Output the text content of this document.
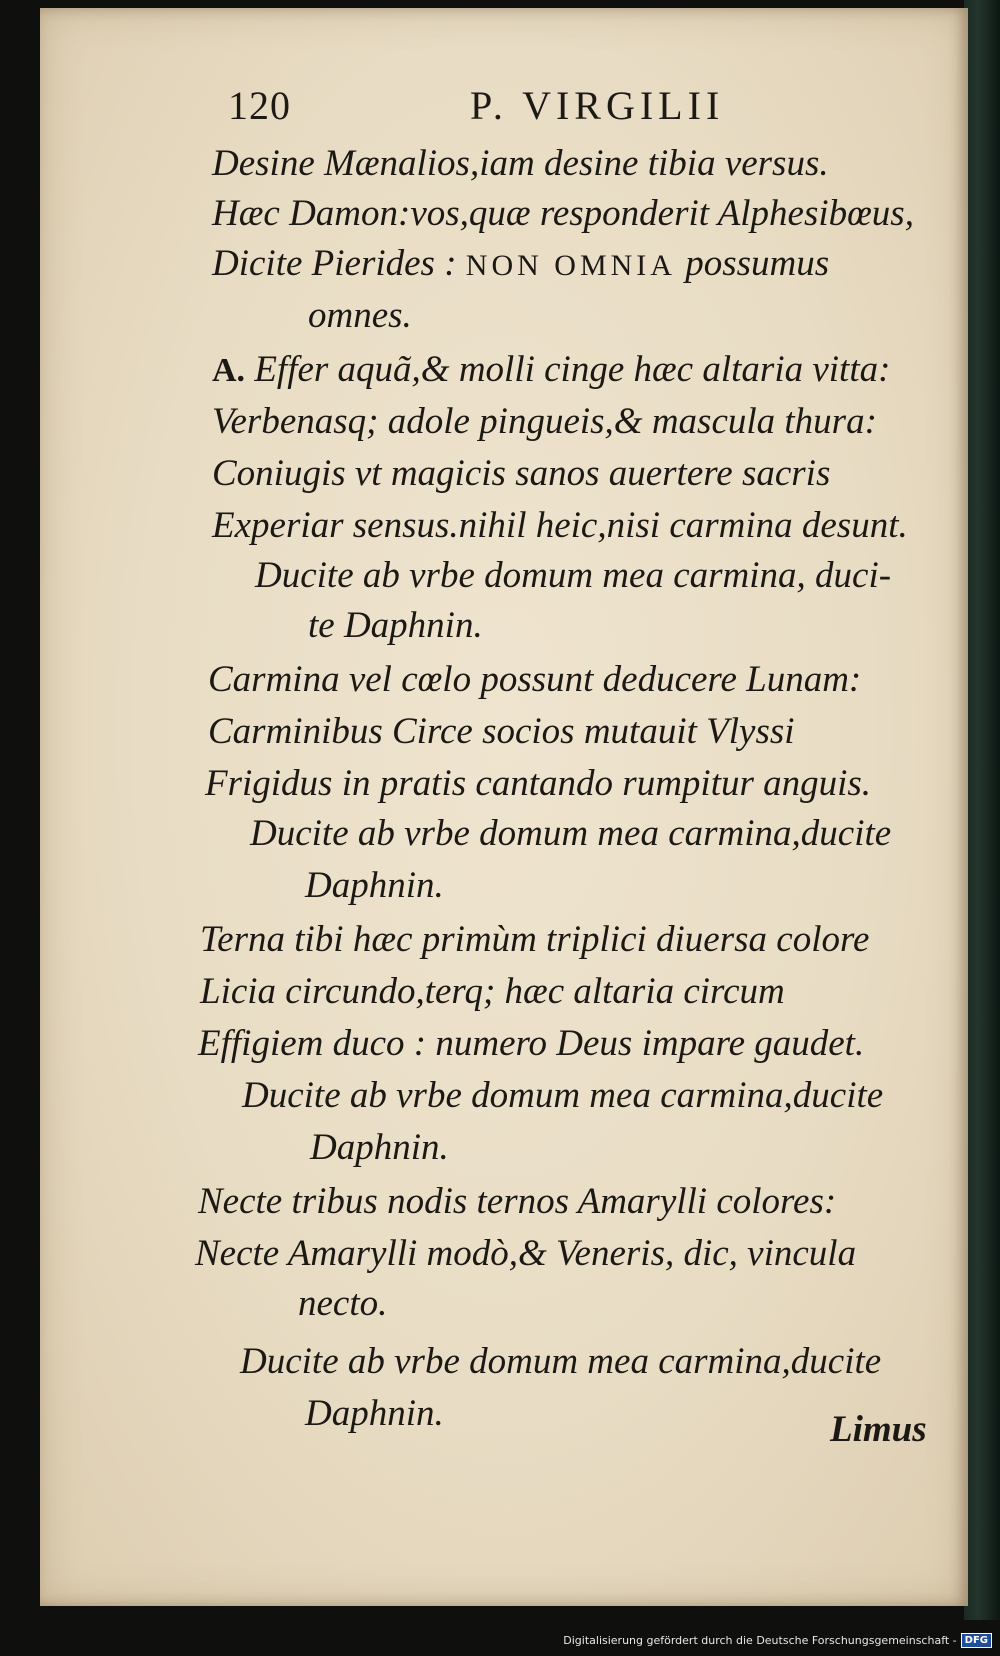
120	P. VIRGILII
Desine Mænalios,iam desine tibia versus.
Hæc Damon:vos,quæ responderit Alphesibœus,
Dicite Pierides : NON OMNIA possumus
omnes.
A. Effer aquã,& molli cinge hæc altaria vitta:
Verbenasq; adole pingueis,& mascula thura:
Coniugis vt magicis sanos auertere sacris
Experiar sensus.nihil heic,nisi carmina desunt.
Ducite ab vrbe domum mea carmina, duci-
te Daphnin.
Carmina vel cœlo possunt deducere Lunam:
Carminibus Circe socios mutauit Vlyssi
Frigidus in pratis cantando rumpitur anguis.
Ducite ab vrbe domum mea carmina,ducite
Daphnin.
Terna tibi hæc primùm triplici diuersa colore
Licia circundo,terq; hæc altaria circum
Effigiem duco : numero Deus impare gaudet.
Ducite ab vrbe domum mea carmina,ducite
Daphnin.
Necte tribus nodis ternos Amarylli colores:
Necte Amarylli modò,& Veneris, dic, vincula
necto.
Ducite ab vrbe domum mea carmina,ducite
Daphnin.	Limus
Digitalisierung gefördert durch die Deutsche Forschungsgemeinschaft - DFG
